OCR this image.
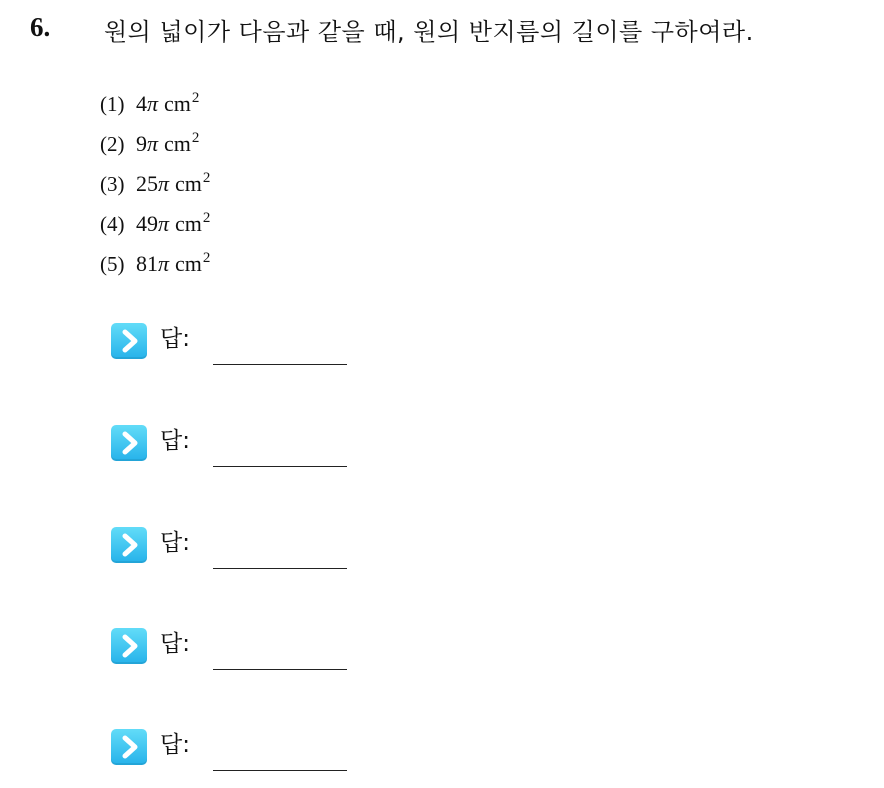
6. 원의 넓이가 다음과 같을 때, 원의 반지름의 길이를 구하여라.
(1) 4 π $cm^2$
(2) 9 π $cm^2$
(3) 25 π $cm^2$
(4) 49 π $cm^2$
(5) 81 π $cm^2$
답:
답:
답:
답:
답:
